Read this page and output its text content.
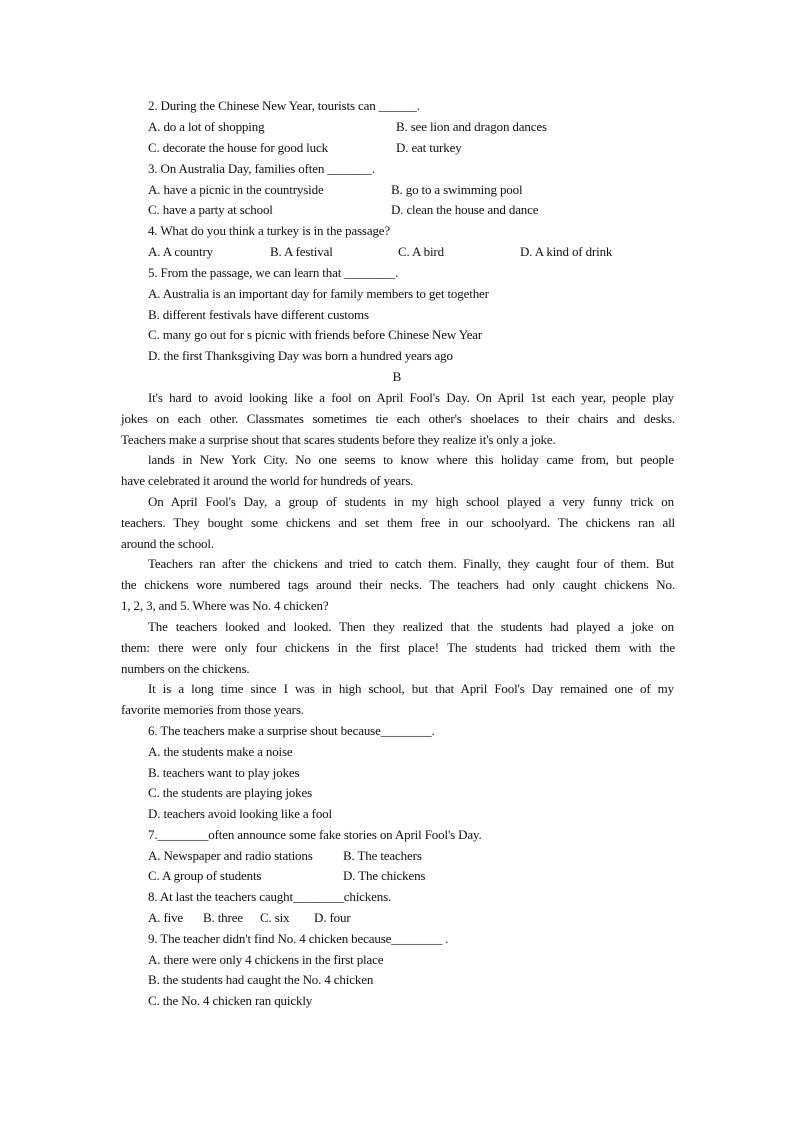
2. During the Chinese New Year, tourists can ______.
A. do a lot of shopping	B. see lion and dragon dances
C. decorate the house for good luck	D. eat turkey
3. On Australia Day, families often _______.
A. have a picnic in the countryside	B. go to a swimming pool
C. have a party at school	D. clean the house and dance
4. What do you think a turkey is in the passage?
A. A country	B. A festival	C. A bird	D. A kind of drink
5. From the passage, we can learn that ________.
A. Australia is an important day for family members to get together
B. different festivals have different customs
C. many go out for s picnic with friends before Chinese New Year
D. the first Thanksgiving Day was born a hundred years ago
B
It's hard to avoid looking like a fool on April Fool's Day. On April 1st each year, people play
jokes on each other. Classmates sometimes tie each other's shoelaces to their chairs and desks.
Teachers make a surprise shout that scares students before they realize it's only a joke.
lands in New York City. No one seems to know where this holiday came from, but people
have celebrated it around the world for hundreds of years.
On April Fool's Day, a group of students in my high school played a very funny trick on
teachers. They bought some chickens and set them free in our schoolyard. The chickens ran all
around the school.
Teachers ran after the chickens and tried to catch them. Finally, they caught four of them. But
the chickens wore numbered tags around their necks. The teachers had only caught chickens No.
1, 2, 3, and 5. Where was No. 4 chicken?
The teachers looked and looked. Then they realized that the students had played a joke on
them: there were only four chickens in the first place! The students had tricked them with the
numbers on the chickens.
It is a long time since I was in high school, but that April Fool's Day remained one of my
favorite memories from those years.
6. The teachers make a surprise shout because________.
A. the students make a noise
B. teachers want to play jokes
C. the students are playing jokes
D. teachers avoid looking like a fool
7.________often announce some fake stories on April Fool's Day.
A. Newspaper and radio stations B. The teachers
C. A group of students	D. The chickens
8. At last the teachers caught________chickens.
A. five B. three C. six D. four
9. The teacher didn't find No. 4 chicken because________ .
A. there were only 4 chickens in the first place
B. the students had caught the No. 4 chicken
C. the No. 4 chicken ran quickly
